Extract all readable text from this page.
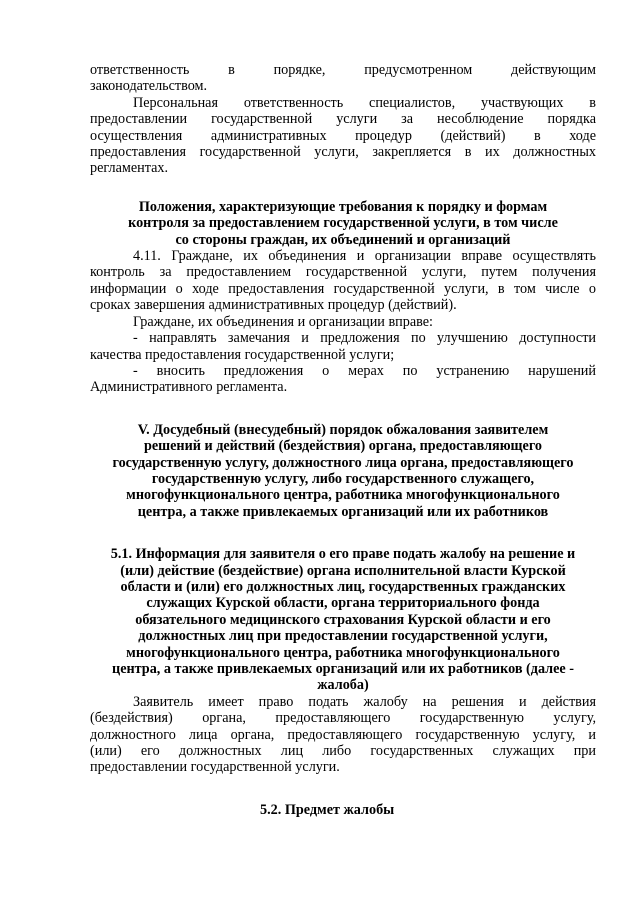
ответственность в порядке, предусмотренном действующим
законодательством.
Персональная ответственность специалистов, участвующих в
предоставлении государственной услуги за несоблюдение порядка
осуществления административных процедур (действий) в ходе
предоставления государственной услуги, закрепляется в их должностных
регламентах.
Положения, характеризующие требования к порядку и формам
контроля за предоставлением государственной услуги, в том числе
со стороны граждан, их объединений и организаций
4.11. Граждане, их объединения и организации вправе осуществлять
контроль за предоставлением государственной услуги, путем получения
информации о ходе предоставления государственной услуги, в том числе о
сроках завершения административных процедур (действий).
Граждане, их объединения и организации вправе:
- направлять замечания и предложения по улучшению доступности
качества предоставления государственной услуги;
- вносить предложения о мерах по устранению нарушений
Административного регламента.
V. Досудебный (внесудебный) порядок обжалования заявителем
решений и действий (бездействия) органа, предоставляющего
государственную услугу, должностного лица органа, предоставляющего
государственную услугу, либо государственного служащего,
многофункционального центра, работника многофункционального
центра, а также привлекаемых организаций или их работников
5.1. Информация для заявителя о его праве подать жалобу на решение и
(или) действие (бездействие) органа исполнительной власти Курской
области и (или) его должностных лиц, государственных гражданских
служащих Курской области, органа территориального фонда
обязательного медицинского страхования Курской области и его
должностных лиц при предоставлении государственной услуги,
многофункционального центра, работника многофункционального
центра, а также привлекаемых организаций или их работников (далее -
жалоба)
Заявитель имеет право подать жалобу на решения и действия
(бездействия) органа, предоставляющего государственную услугу,
должностного лица органа, предоставляющего государственную услугу, и
(или) его должностных лиц либо государственных служащих при
предоставлении государственной услуги.
5.2. Предмет жалобы
